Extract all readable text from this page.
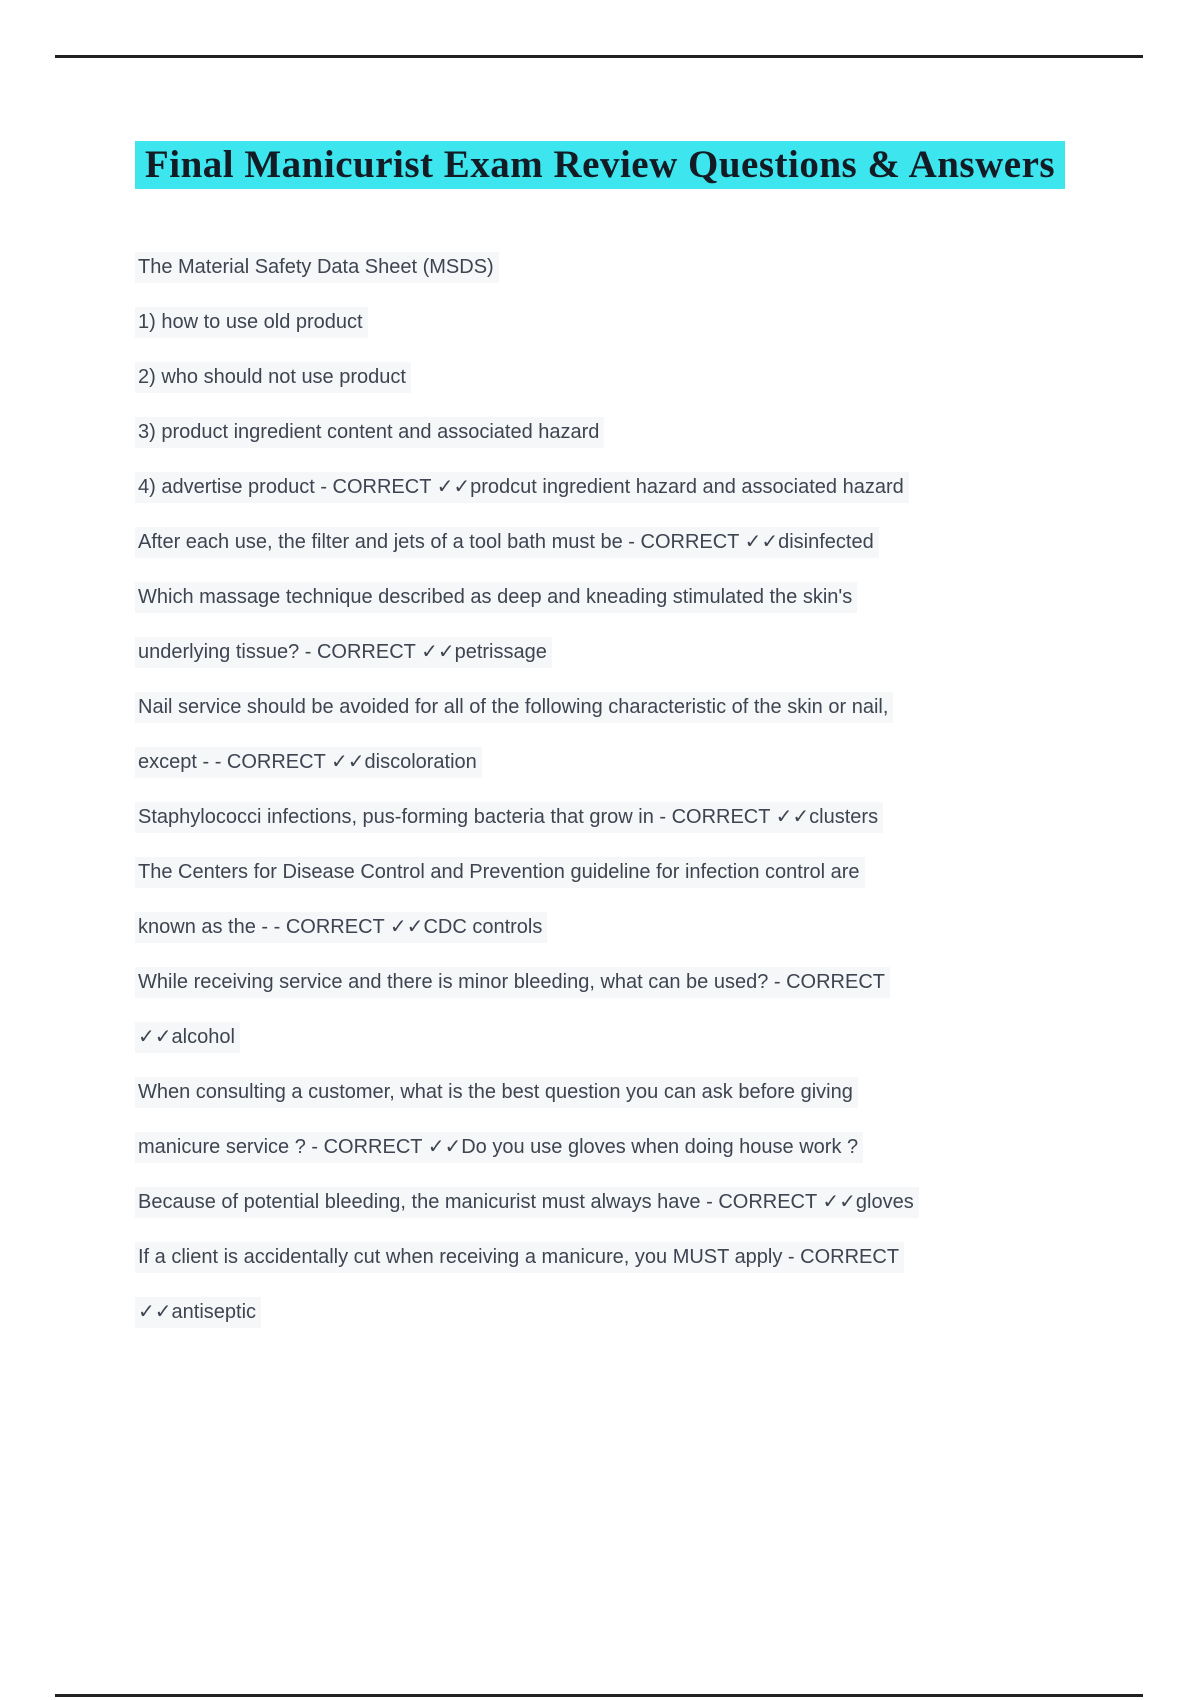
Final Manicurist Exam Review Questions & Answers
The Material Safety Data Sheet (MSDS)
1) how to use old product
2) who should not use product
3) product ingredient content and associated hazard
4) advertise product - CORRECT ✓✓prodcut ingredient hazard and associated hazard
After each use, the filter and jets of a tool bath must be - CORRECT ✓✓disinfected
Which massage technique described as deep and kneading stimulated the skin's
underlying tissue? - CORRECT ✓✓petrissage
Nail service should be avoided for all of the following characteristic of the skin or nail,
except - - CORRECT ✓✓discoloration
Staphylococci infections, pus-forming bacteria that grow in - CORRECT ✓✓clusters
The Centers for Disease Control and Prevention guideline for infection control are
known as the - - CORRECT ✓✓CDC controls
While receiving service and there is minor bleeding, what can be used? - CORRECT
✓✓alcohol
When consulting a customer, what is the best question you can ask before giving
manicure service ? - CORRECT ✓✓Do you use gloves when doing house work ?
Because of potential bleeding, the manicurist must always have - CORRECT ✓✓gloves
If a client is accidentally cut when receiving a manicure, you MUST apply - CORRECT
✓✓antiseptic
